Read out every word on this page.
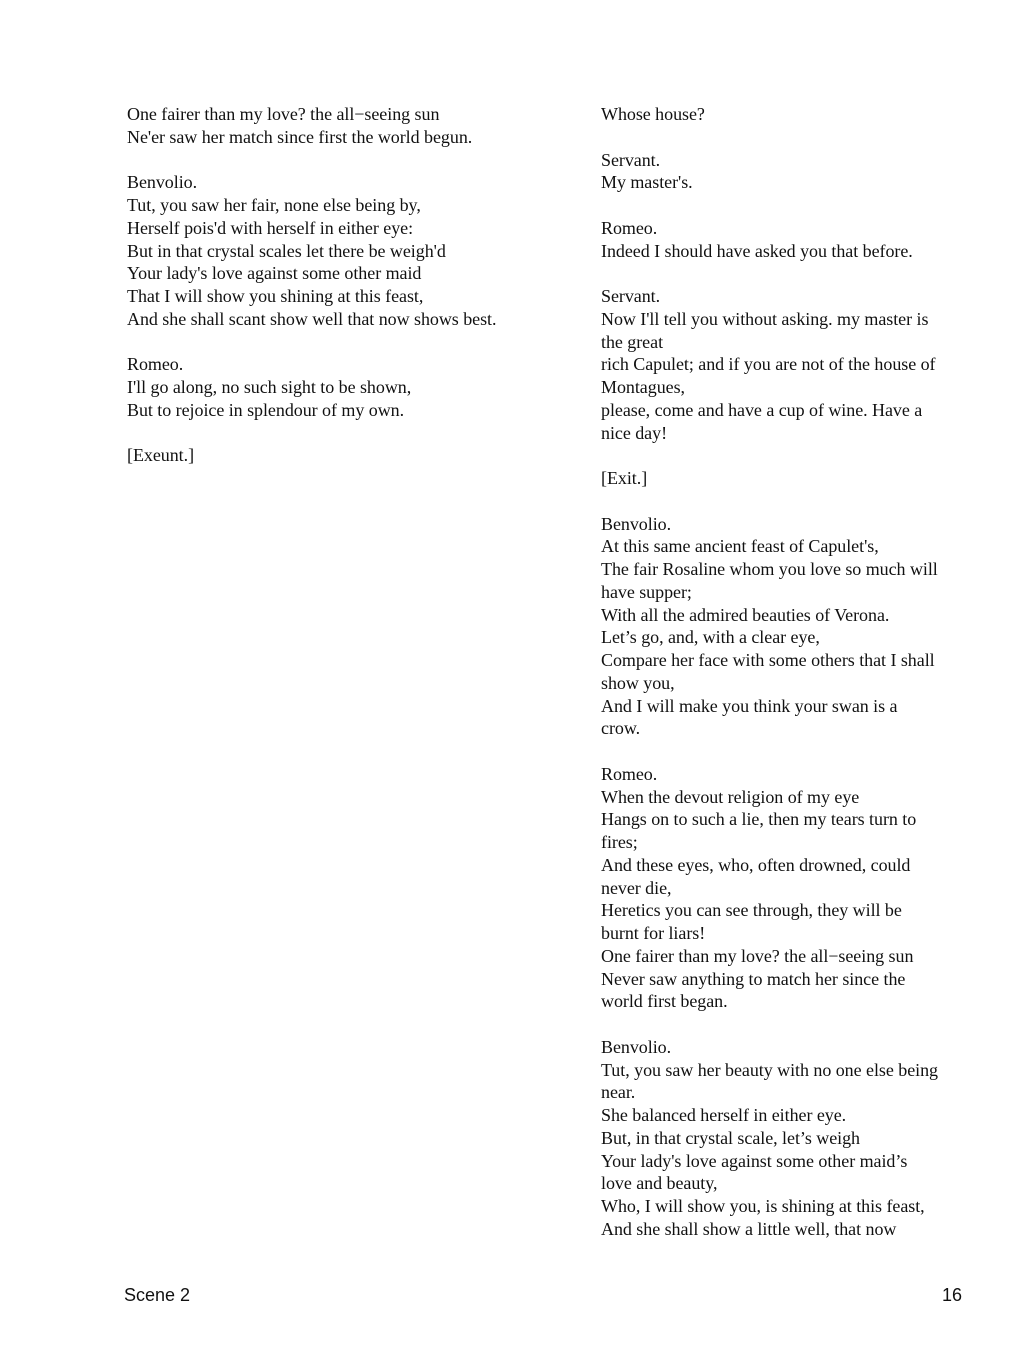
One fairer than my love? the all−seeing sun
Ne'er saw her match since first the world begun.
Benvolio.
Tut, you saw her fair, none else being by,
Herself pois'd with herself in either eye:
But in that crystal scales let there be weigh'd
Your lady's love against some other maid
That I will show you shining at this feast,
And she shall scant show well that now shows best.
Romeo.
I'll go along, no such sight to be shown,
But to rejoice in splendour of my own.
[Exeunt.]
Whose house?
Servant.
My master's.
Romeo.
Indeed I should have asked you that before.
Servant.
Now I'll tell you without asking. my master is
the great
rich Capulet; and if you are not of the house of
Montagues,
please, come and have a cup of wine. Have a
nice day!
[Exit.]
Benvolio.
At this same ancient feast of Capulet's,
The fair Rosaline whom you love so much will
have supper;
With all the admired beauties of Verona.
Let’s go, and, with a clear eye,
Compare her face with some others that I shall
show you,
And I will make you think your swan is a
crow.
Romeo.
When the devout religion of my eye
Hangs on to such a lie, then my tears turn to
fires;
And these eyes, who, often drowned, could
never die,
Heretics you can see through, they will be
burnt for liars!
One fairer than my love? the all−seeing sun
Never saw anything to match her since the
world first began.
Benvolio.
Tut, you saw her beauty with no one else being
near.
She balanced herself in either eye.
But, in that crystal scale, let’s weigh
Your lady's love against some other maid’s
love and beauty,
Who, I will show you, is shining at this feast,
And she shall show a little well, that now
Scene 2	16
